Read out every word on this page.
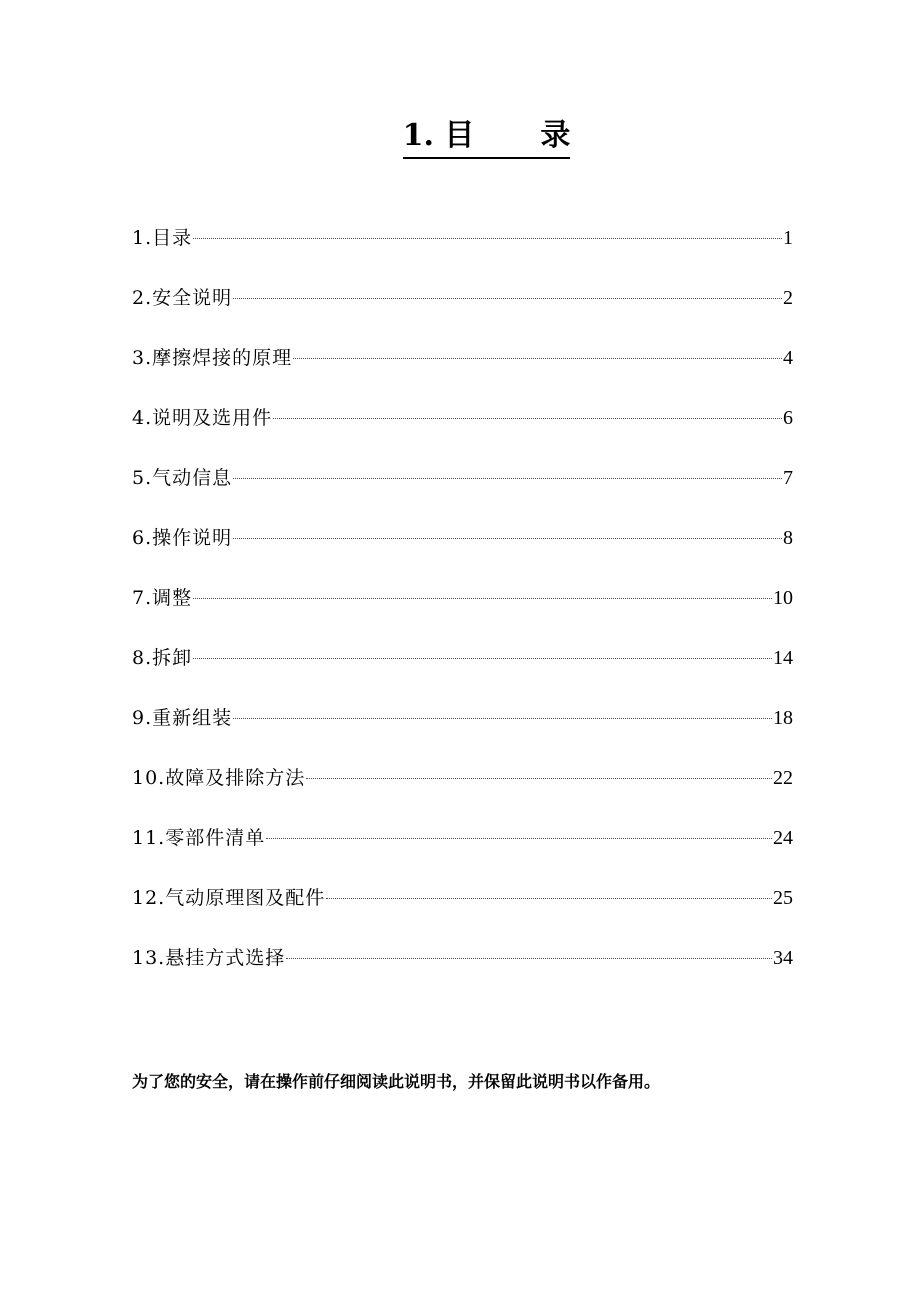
1. 目 录
1.目录	1
2.安全说明	2
3.摩擦焊接的原理	4
4.说明及选用件	6
5.气动信息	7
6.操作说明	8
7.调整	10
8.拆卸	14
9.重新组装	18
10.故障及排除方法	22
11.零部件清单	24
12.气动原理图及配件	25
13.悬挂方式选择	34
为了您的安全，请在操作前仔细阅读此说明书，并保留此说明书以作备用。
